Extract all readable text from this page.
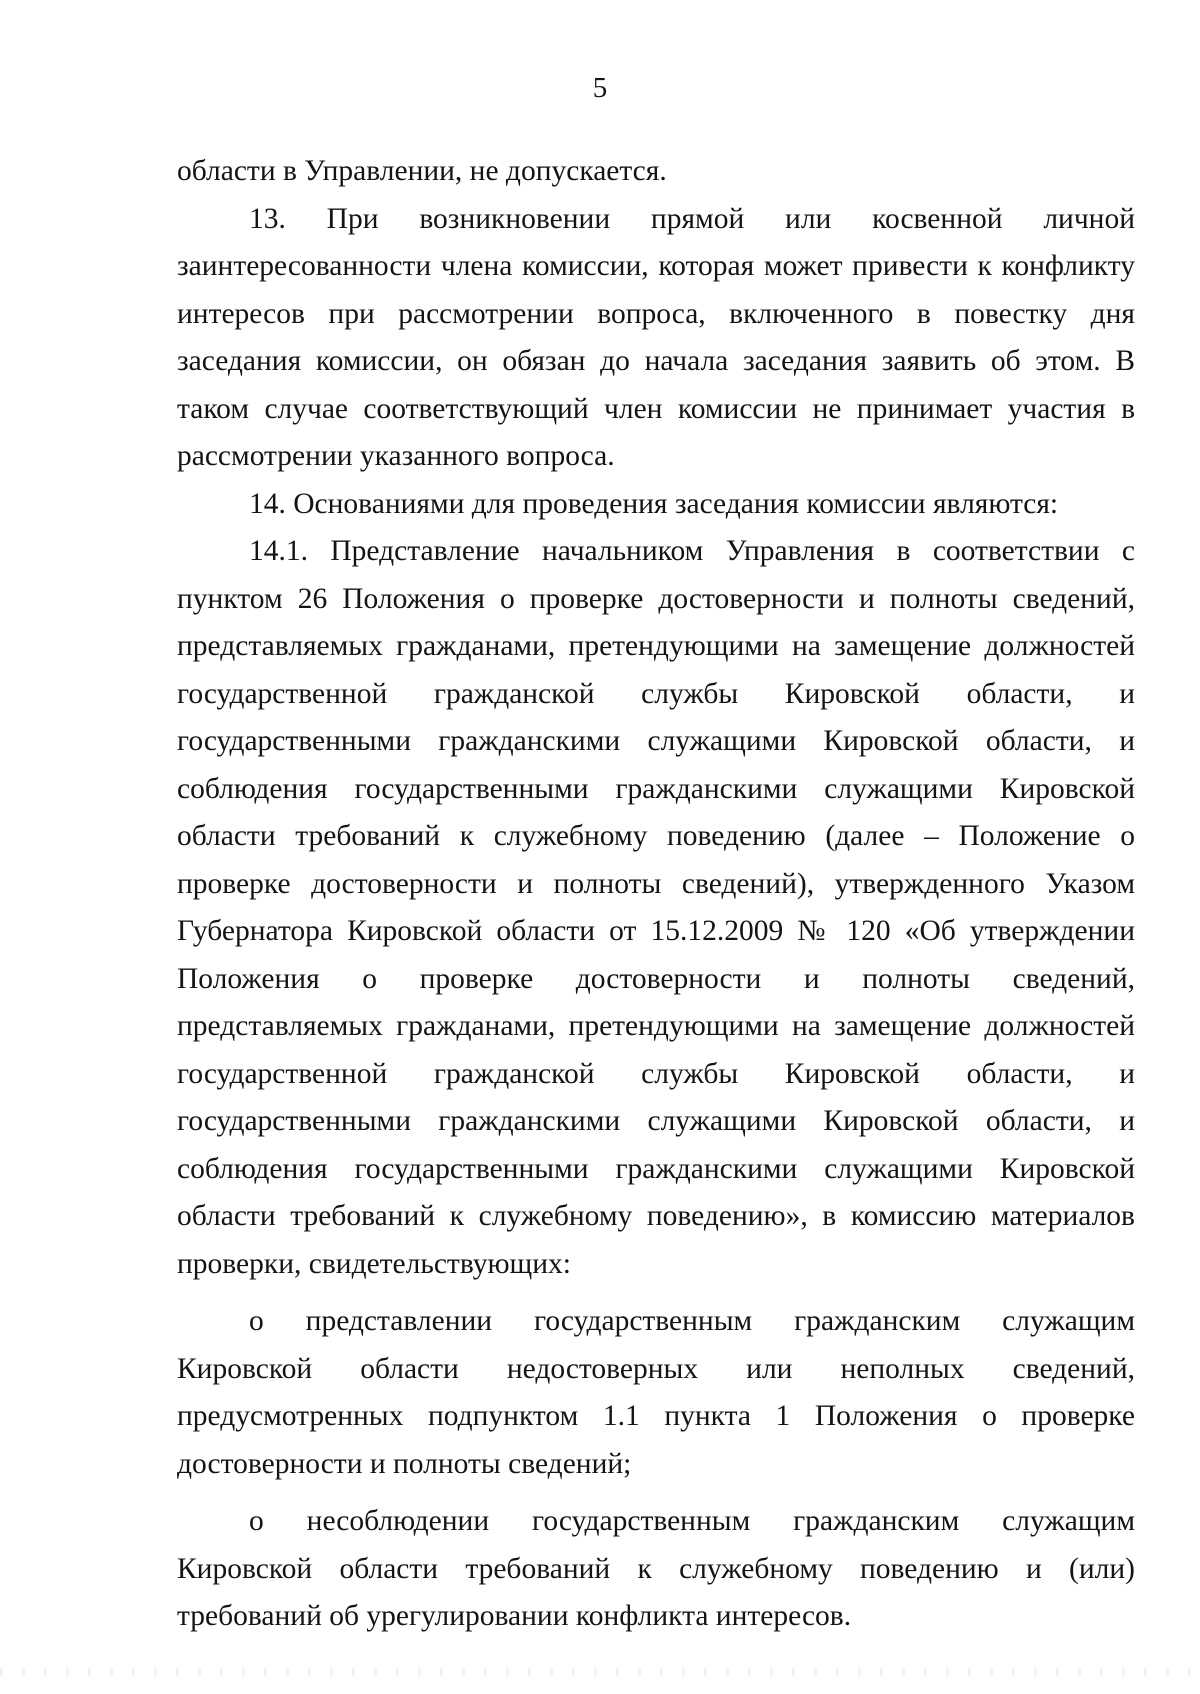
5

области в Управлении, не допускается.

13. При возникновении прямой или косвенной личной заинтересованности члена комиссии, которая может привести к конфликту интересов при рассмотрении вопроса, включенного в повестку дня заседания комиссии, он обязан до начала заседания заявить об этом. В таком случае соответствующий член комиссии не принимает участия в рассмотрении указанного вопроса.

14. Основаниями для проведения заседания комиссии являются:

14.1. Представление начальником Управления в соответствии с пунктом 26 Положения о проверке достоверности и полноты сведений, представляемых гражданами, претендующими на замещение должностей государственной гражданской службы Кировской области, и государственными гражданскими служащими Кировской области, и соблюдения государственными гражданскими служащими Кировской области требований к служебному поведению (далее – Положение о проверке достоверности и полноты сведений), утвержденного Указом Губернатора Кировской области от 15.12.2009 № 120 «Об утверждении Положения о проверке достоверности и полноты сведений, представляемых гражданами, претендующими на замещение должностей государственной гражданской службы Кировской области, и государственными гражданскими служащими Кировской области, и соблюдения государственными гражданскими служащими Кировской области требований к служебному поведению», в комиссию материалов проверки, свидетельствующих:

о представлении государственным гражданским служащим Кировской области недостоверных или неполных сведений, предусмотренных подпунктом 1.1 пункта 1 Положения о проверке достоверности и полноты сведений;

о несоблюдении государственным гражданским служащим Кировской области требований к служебному поведению и (или) требований об урегулировании конфликта интересов.
